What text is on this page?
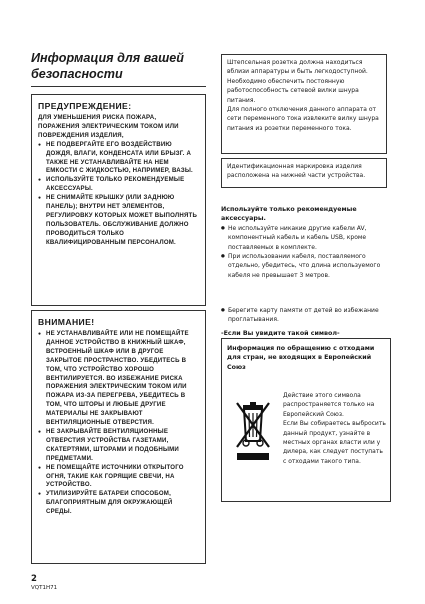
Информация для вашей безопасности
ПРЕДУПРЕЖДЕНИЕ:

ДЛЯ УМЕНЬШЕНИЯ РИСКА ПОЖАРА, ПОРАЖЕНИЯ ЭЛЕКТРИЧЕСКИМ ТОКОМ ИЛИ ПОВРЕЖДЕНИЯ ИЗДЕЛИЯ,

● НЕ ПОДВЕРГАЙТЕ ЕГО ВОЗДЕЙСТВИЮ ДОЖДЯ, ВЛАГИ, КОНДЕНСАТА ИЛИ БРЫЗГ. А ТАКЖЕ НЕ УСТАНАВЛИВАЙТЕ НА НЕМ ЕМКОСТИ С ЖИДКОСТЬЮ, НАПРИМЕР, ВАЗЫ.
● ИСПОЛЬЗУЙТЕ ТОЛЬКО РЕКОМЕНДУЕМЫЕ АКСЕССУАРЫ.
● НЕ СНИМАЙТЕ КРЫШКУ (ИЛИ ЗАДНЮЮ ПАНЕЛЬ); ВНУТРИ НЕТ ЭЛЕМЕНТОВ, РЕГУЛИРОВКУ КОТОРЫХ МОЖЕТ ВЫПОЛНЯТЬ ПОЛЬЗОВАТЕЛЬ. ОБСЛУЖИВАНИЕ ДОЛЖНО ПРОВОДИТЬСЯ ТОЛЬКО КВАЛИФИЦИРОВАННЫМ ПЕРСОНАЛОМ.
ВНИМАНИЕ!
● НЕ УСТАНАВЛИВАЙТЕ ИЛИ НЕ ПОМЕЩАЙТЕ ДАННОЕ УСТРОЙСТВО В КНИЖНЫЙ ШКАФ, ВСТРОЕННЫЙ ШКАФ ИЛИ В ДРУГОЕ ЗАКРЫТОЕ ПРОСТРАНСТВО. УБЕДИТЕСЬ В ТОМ, ЧТО УСТРОЙСТВО ХОРОШО ВЕНТИЛИРУЕТСЯ. ВО ИЗБЕЖАНИЕ РИСКА ПОРАЖЕНИЯ ЭЛЕКТРИЧЕСКИМ ТОКОМ ИЛИ ПОЖАРА ИЗ-ЗА ПЕРЕГРЕВА, УБЕДИТЕСЬ В ТОМ, ЧТО ШТОРЫ И ЛЮБЫЕ ДРУГИЕ МАТЕРИАЛЫ НЕ ЗАКРЫВАЮТ ВЕНТИЛЯЦИОННЫЕ ОТВЕРСТИЯ.
● НЕ ЗАКРЫВАЙТЕ ВЕНТИЛЯЦИОННЫЕ ОТВЕРСТИЯ УСТРОЙСТВА ГАЗЕТАМИ, СКАТЕРТЯМИ, ШТОРАМИ И ПОДОБНЫМИ ПРЕДМЕТАМИ.
● НЕ ПОМЕЩАЙТЕ ИСТОЧНИКИ ОТКРЫТОГО ОГНЯ, ТАКИЕ КАК ГОРЯЩИЕ СВЕЧИ, НА УСТРОЙСТВО.
● УТИЛИЗИРУЙТЕ БАТАРЕИ СПОСОБОМ, БЛАГОПРИЯТНЫМ ДЛЯ ОКРУЖАЮЩЕЙ СРЕДЫ.

Штепсельная розетка должна находиться вблизи аппаратуры и быть легкодоступной. Необходимо обеспечить постоянную работоспособность сетевой вилки шнура питания.

Для полного отключения данного аппарата от сети переменного тока извлеките вилку шнура питания из розетки переменного тока.

Идентификационная маркировка изделия расположена на нижней части устройства.

Используйте только рекомендуемые аксессуары.
● Не используйте никакие другие кабели AV, компонентный кабель и кабель USB, кроме поставляемых в комплекте.
● При использовании кабеля, поставляемого отдельно, убедитесь, что длина используемого кабеля не превышает 3 метров.
● Берегите карту памяти от детей во избежание проглатывания.
-Если Вы увидите такой символ-
Информация по обращению с отходами для стран, не входящих в Европейский Союз

Действие этого символа распространяется только на Европейский Союз.

Если Вы собираетесь выбросить данный продукт, узнайте в местных органах власти или у дилера, как следует поступать с отходами такого типа.

2
VQT1H71
